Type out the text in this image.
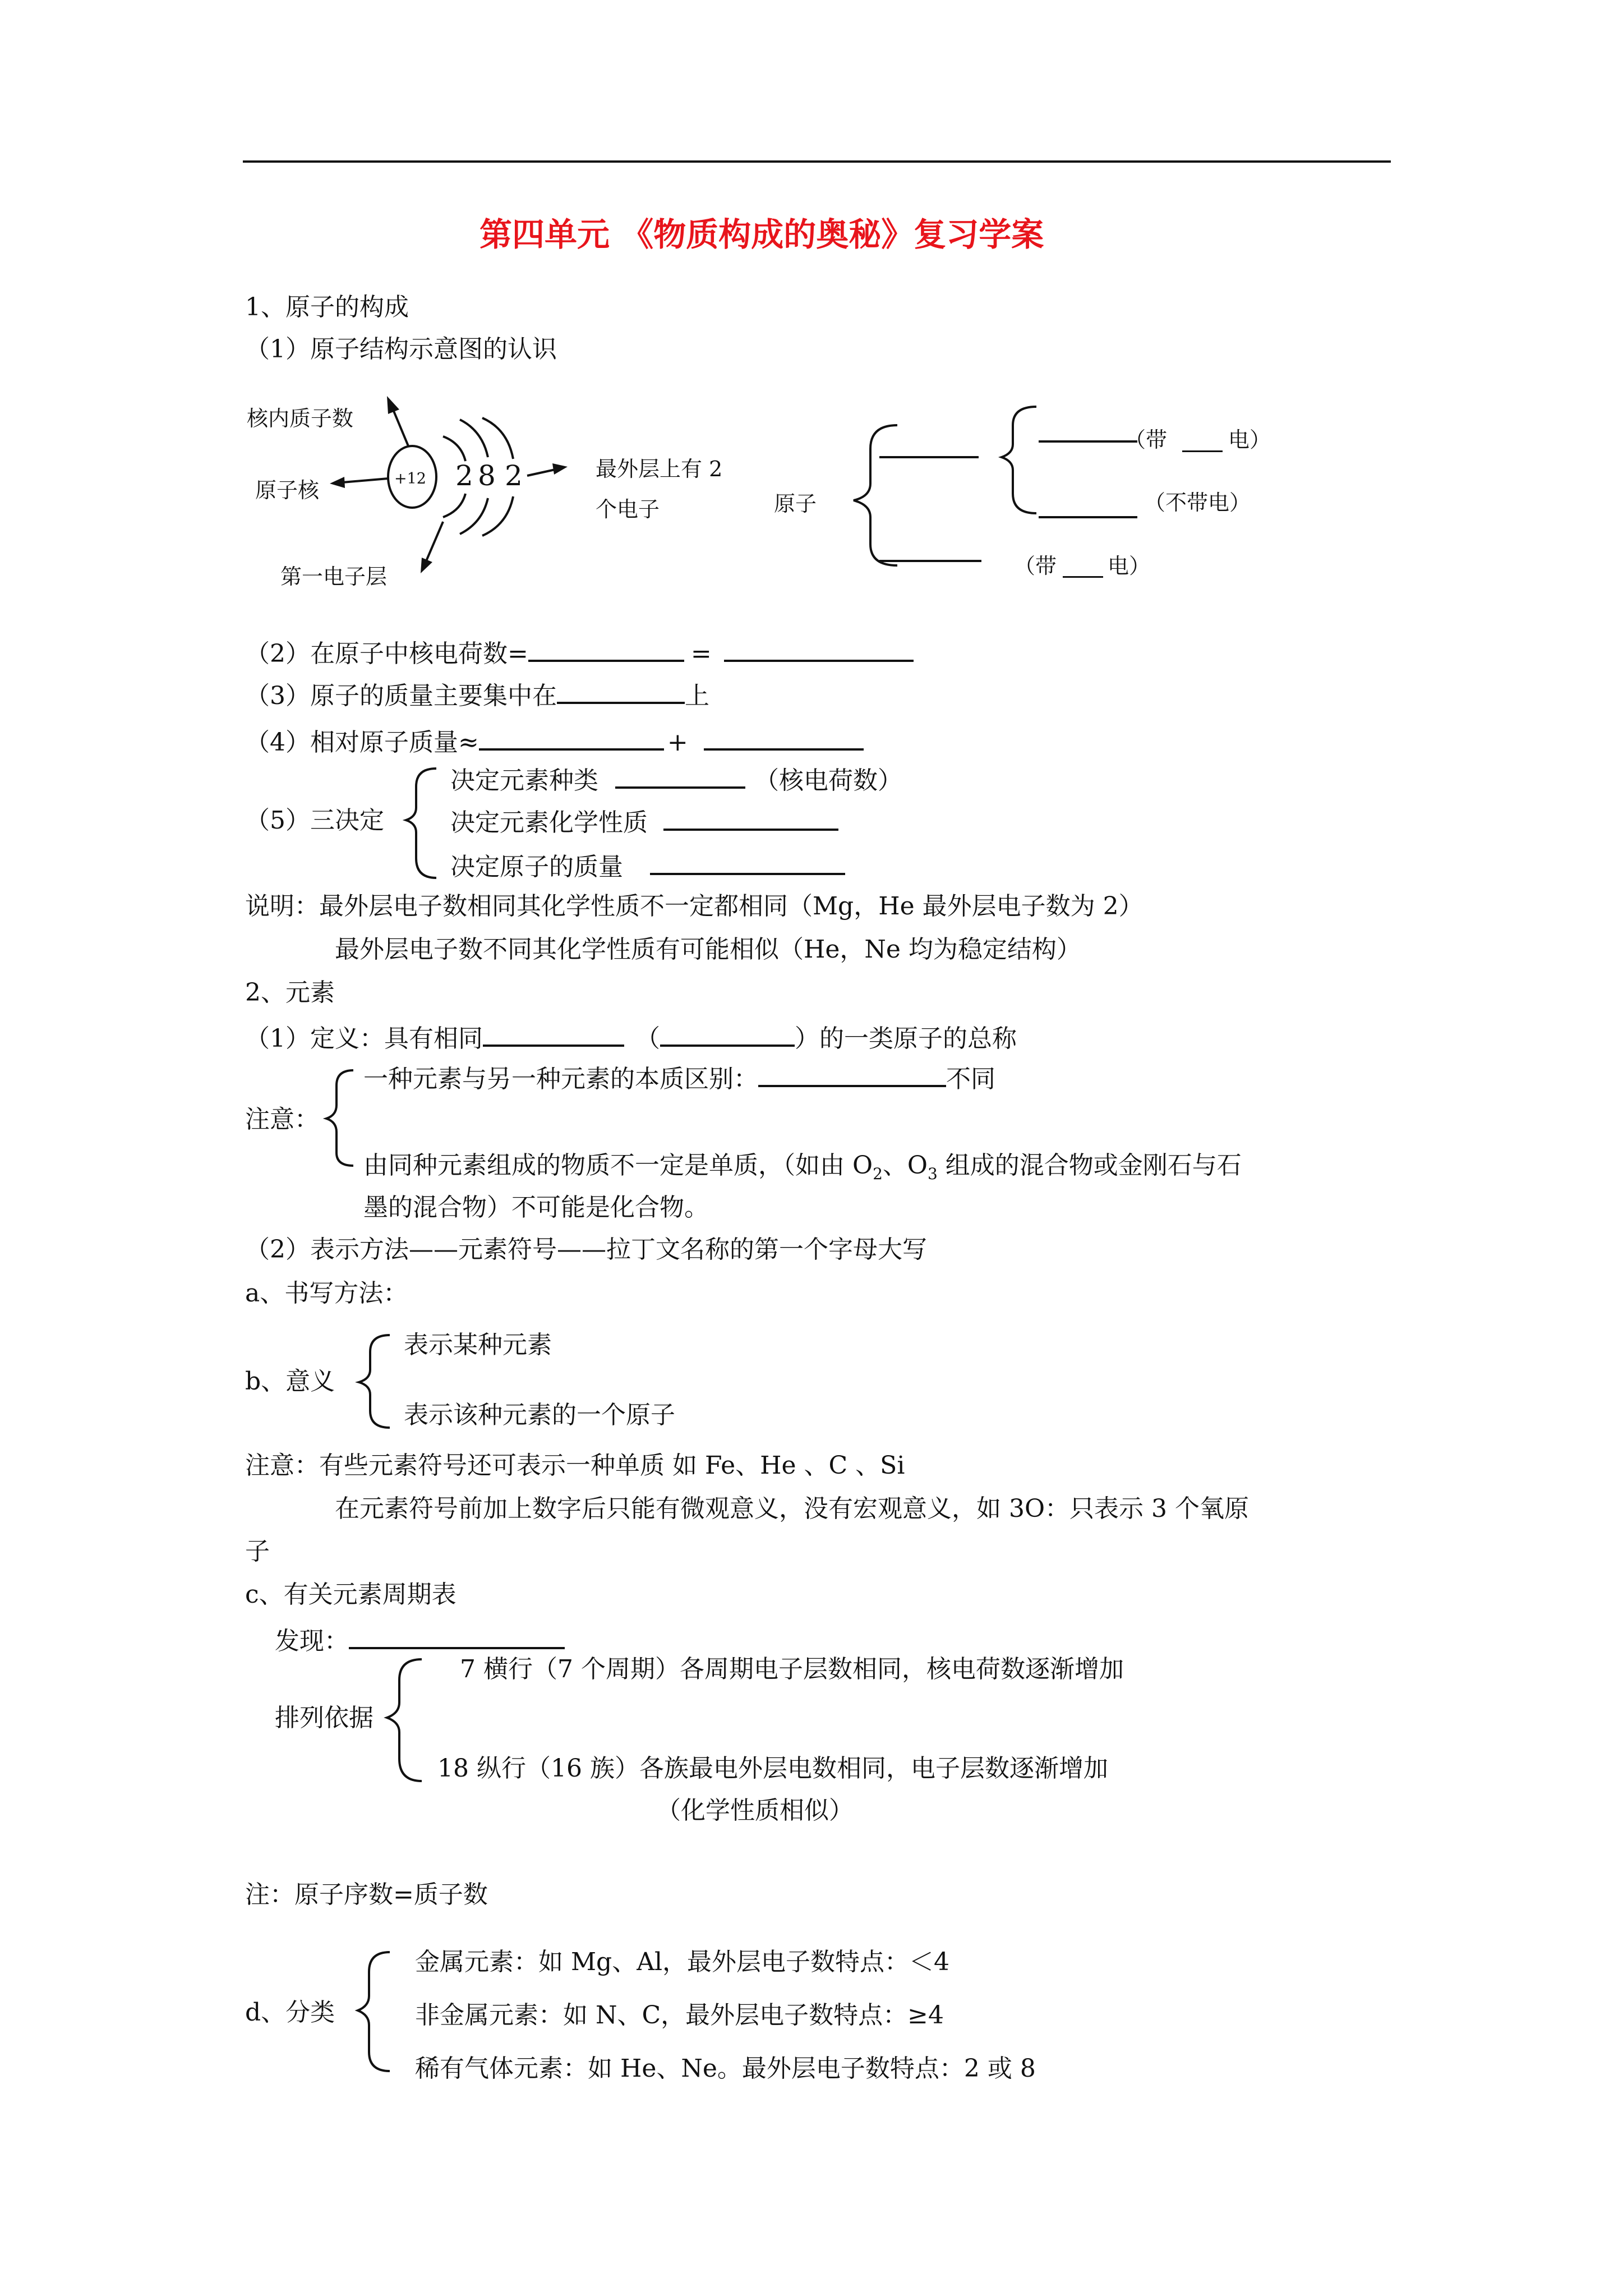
第四单元 《物质构成的奥秘》复习学案
1、原子的构成
（1）原子结构示意图的认识
+12 2 8 2
核内质子数
原子核
第一电子层
最外层上有 2
个电子	原子
（带	电）
（不带电）
（带 电）
（2）在原子中核电荷数=	=
（3）原子的质量主要集中在	上
（4）相对原子质量≈	+
（5）三决定
决定元素种类	（核电荷数）
决定元素化学性质
决定原子的质量
说明：最外层电子数相同其化学性质不一定都相同（Mg，He 最外层电子数为 2）
最外层电子数不同其化学性质有可能相似（He，Ne 均为稳定结构）
2、元素
（1）定义：具有相同	（	）的一类原子的总称
注意：
一种元素与另一种元素的本质区别：	不同
由同种元素组成的物质不一定是单质，（如由 $O_2$、$O_3$ 组成的混合物或金刚石与石
墨的混合物）不可能是化合物。
（2）表示方法——元素符号——拉丁文名称的第一个字母大写
a、书写方法：
b、意义
表示某种元素
表示该种元素的一个原子
注意：有些元素符号还可表示一种单质 如 Fe、He 、C 、Si
在元素符号前加上数字后只能有微观意义，没有宏观意义，如 3O：只表示 3 个氧原
子
c、有关元素周期表
发现：
排列依据
7 横行（7 个周期）各周期电子层数相同，核电荷数逐渐增加
18 纵行（16 族）各族最电外层电数相同，电子层数逐渐增加
（化学性质相似）
注：原子序数=质子数
d、分类
金属元素：如 Mg、Al，最外层电子数特点：＜4
非金属元素：如 N、C，最外层电子数特点：≥4
稀有气体元素：如 He、Ne。最外层电子数特点：2 或 8
